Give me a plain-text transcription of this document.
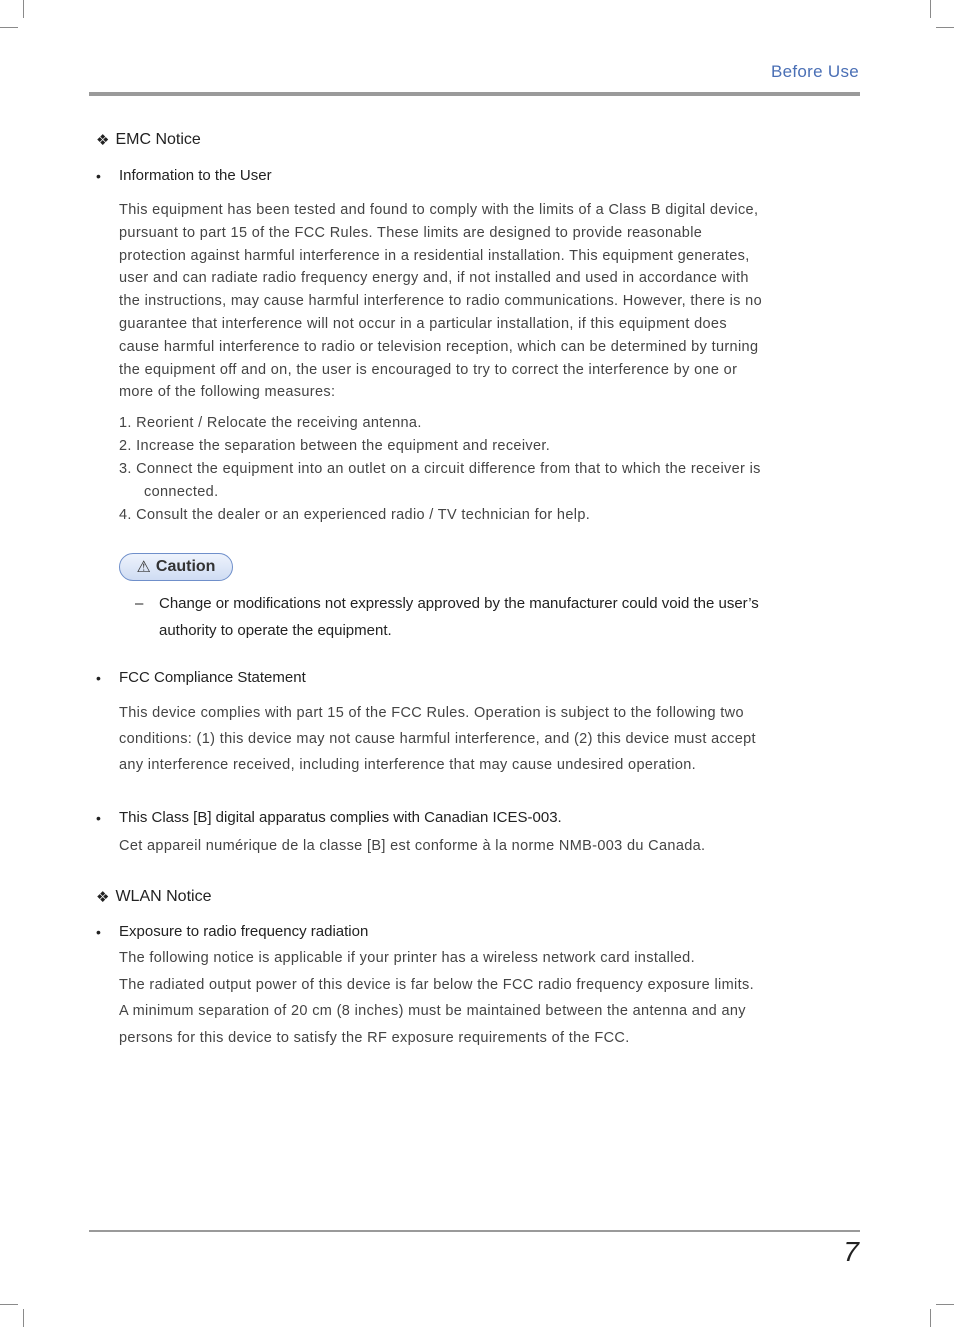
Before Use
❖ EMC Notice
•	Information to the User

This equipment has been tested and found to comply with the limits of a Class B digital device,

pursuant to part 15 of the FCC Rules. These limits are designed to provide reasonable

protection against harmful interference in a residential installation. This equipment generates,

user and can radiate radio frequency energy and, if not installed and used in accordance with

the instructions, may cause harmful interference to radio communications. However, there is no

guarantee that interference will not occur in a particular installation, if this equipment does

cause harmful interference to radio or television reception, which can be determined by turning

the equipment off and on, the user is encouraged to try to correct the interference by one or

more of the following measures:

1. Reorient / Relocate the receiving antenna.
2. Increase the separation between the equipment and receiver.
3. Connect the equipment into an outlet on a circuit difference from that to which the receiver is
connected.
4. Consult the dealer or an experienced radio / TV technician for help.
⚠ Caution
–	Change or modifications not expressly approved by the manufacturer could void the user’s
authority to operate the equipment.
•	FCC Compliance Statement

This device complies with part 15 of the FCC Rules. Operation is subject to the following two

conditions: (1) this device may not cause harmful interference, and (2) this device must accept

any interference received, including interference that may cause undesired operation.

•	This Class [B] digital apparatus complies with Canadian ICES-003.

Cet appareil numérique de la classe [B] est conforme à la norme NMB-003 du Canada.

❖ WLAN Notice
•	Exposure to radio frequency radiation

The following notice is applicable if your printer has a wireless network card installed.

The radiated output power of this device is far below the FCC radio frequency exposure limits.

A minimum separation of 20 cm (8 inches) must be maintained between the antenna and any

persons for this device to satisfy the RF exposure requirements of the FCC.

7
